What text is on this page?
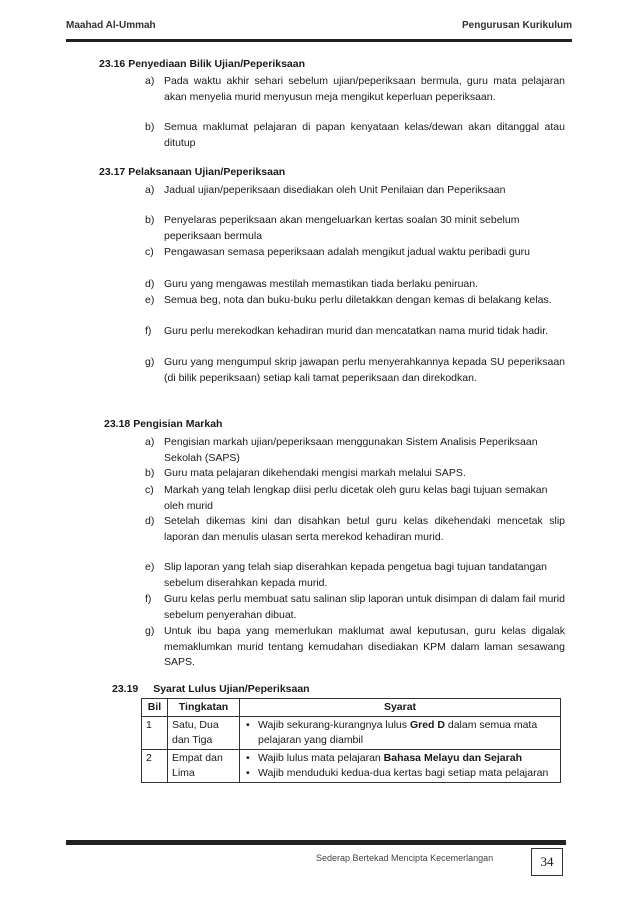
Maahad Al-Ummah	Pengurusan Kurikulum
23.16 Penyediaan Bilik Ujian/Peperiksaan
a) Pada waktu akhir sehari sebelum ujian/peperiksaan bermula, guru mata pelajaran akan menyelia murid menyusun meja mengikut keperluan peperiksaan.
b) Semua maklumat pelajaran di papan kenyataan kelas/dewan akan ditanggal atau ditutup
23.17 Pelaksanaan Ujian/Peperiksaan
a) Jadual ujian/peperiksaan disediakan oleh Unit Penilaian dan Peperiksaan
b) Penyelaras peperiksaan akan mengeluarkan kertas soalan 30 minit sebelum peperiksaan bermula
c) Pengawasan semasa peperiksaan adalah mengikut jadual waktu peribadi guru
d) Guru yang mengawas mestilah memastikan tiada berlaku peniruan.
e) Semua beg, nota dan buku-buku perlu diletakkan dengan kemas di belakang kelas.
f)	Guru perlu merekodkan kehadiran murid dan mencatatkan nama murid tidak hadir.
g) Guru yang mengumpul skrip jawapan perlu menyerahkannya kepada SU peperiksaan (di bilik peperiksaan) setiap kali tamat peperiksaan dan direkodkan.
23.18 Pengisian Markah
a) Pengisian markah ujian/peperiksaan menggunakan Sistem Analisis Peperiksaan Sekolah (SAPS)
b) Guru mata pelajaran dikehendaki mengisi markah melalui SAPS.
c) Markah yang telah lengkap diisi perlu dicetak oleh guru kelas bagi tujuan semakan oleh murid
d) Setelah dikemas kini dan disahkan betul guru kelas dikehendaki mencetak slip laporan dan menulis ulasan serta merekod kehadiran murid.
e) Slip laporan yang telah siap diserahkan kepada pengetua bagi tujuan tandatangan sebelum diserahkan kepada murid.
f)	Guru kelas perlu membuat satu salinan slip laporan untuk disimpan di dalam fail murid sebelum penyerahan dibuat.
g) Untuk ibu bapa yang memerlukan maklumat awal keputusan, guru kelas digalak memaklumkan murid tentang kemudahan disediakan KPM dalam laman sesawang SAPS.
23.19 Syarat Lulus Ujian/Peperiksaan
Bil	Tingkatan	Syarat
1	Satu, Dua dan Tiga	• Wajib sekurang-kurangnya lulus Gred D dalam semua mata pelajaran yang diambil

2	Empat dan Lima	• Wajib lulus mata pelajaran Bahasa Melayu dan Sejarah
• Wajib menduduki kedua-dua kertas bagi setiap mata pelajaran
Sederap Bertekad Mencipta Kecemerlangan	34
